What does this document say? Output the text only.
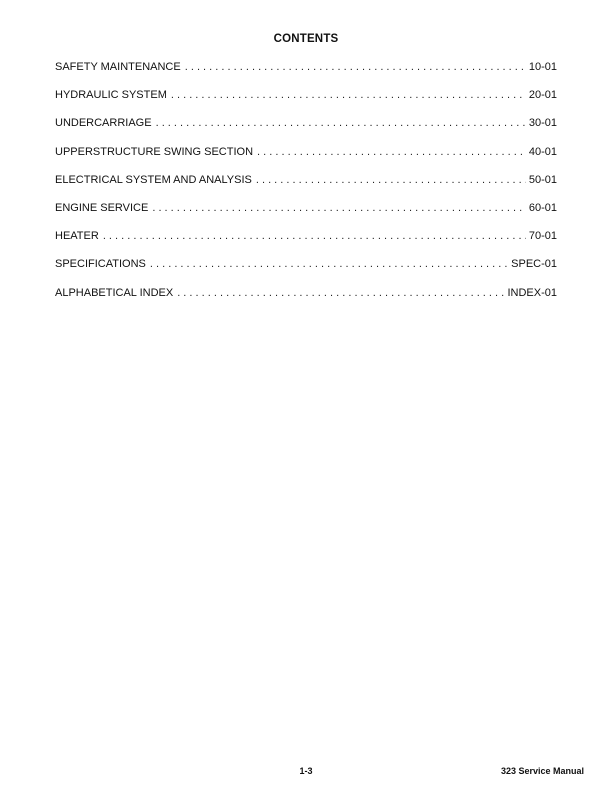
CONTENTS
SAFETY MAINTENANCE . . .	10-01
HYDRAULIC SYSTEM . . .	20-01
UNDERCARRIAGE . . .	30-01
UPPERSTRUCTURE SWING SECTION . . .	40-01
ELECTRICAL SYSTEM AND ANALYSIS . . .	50-01
ENGINE SERVICE . . .	60-01
HEATER . . .	70-01
SPECIFICATIONS . . .	SPEC-01
ALPHABETICAL INDEX . . .	INDEX-01
1-3	323 Service Manual
